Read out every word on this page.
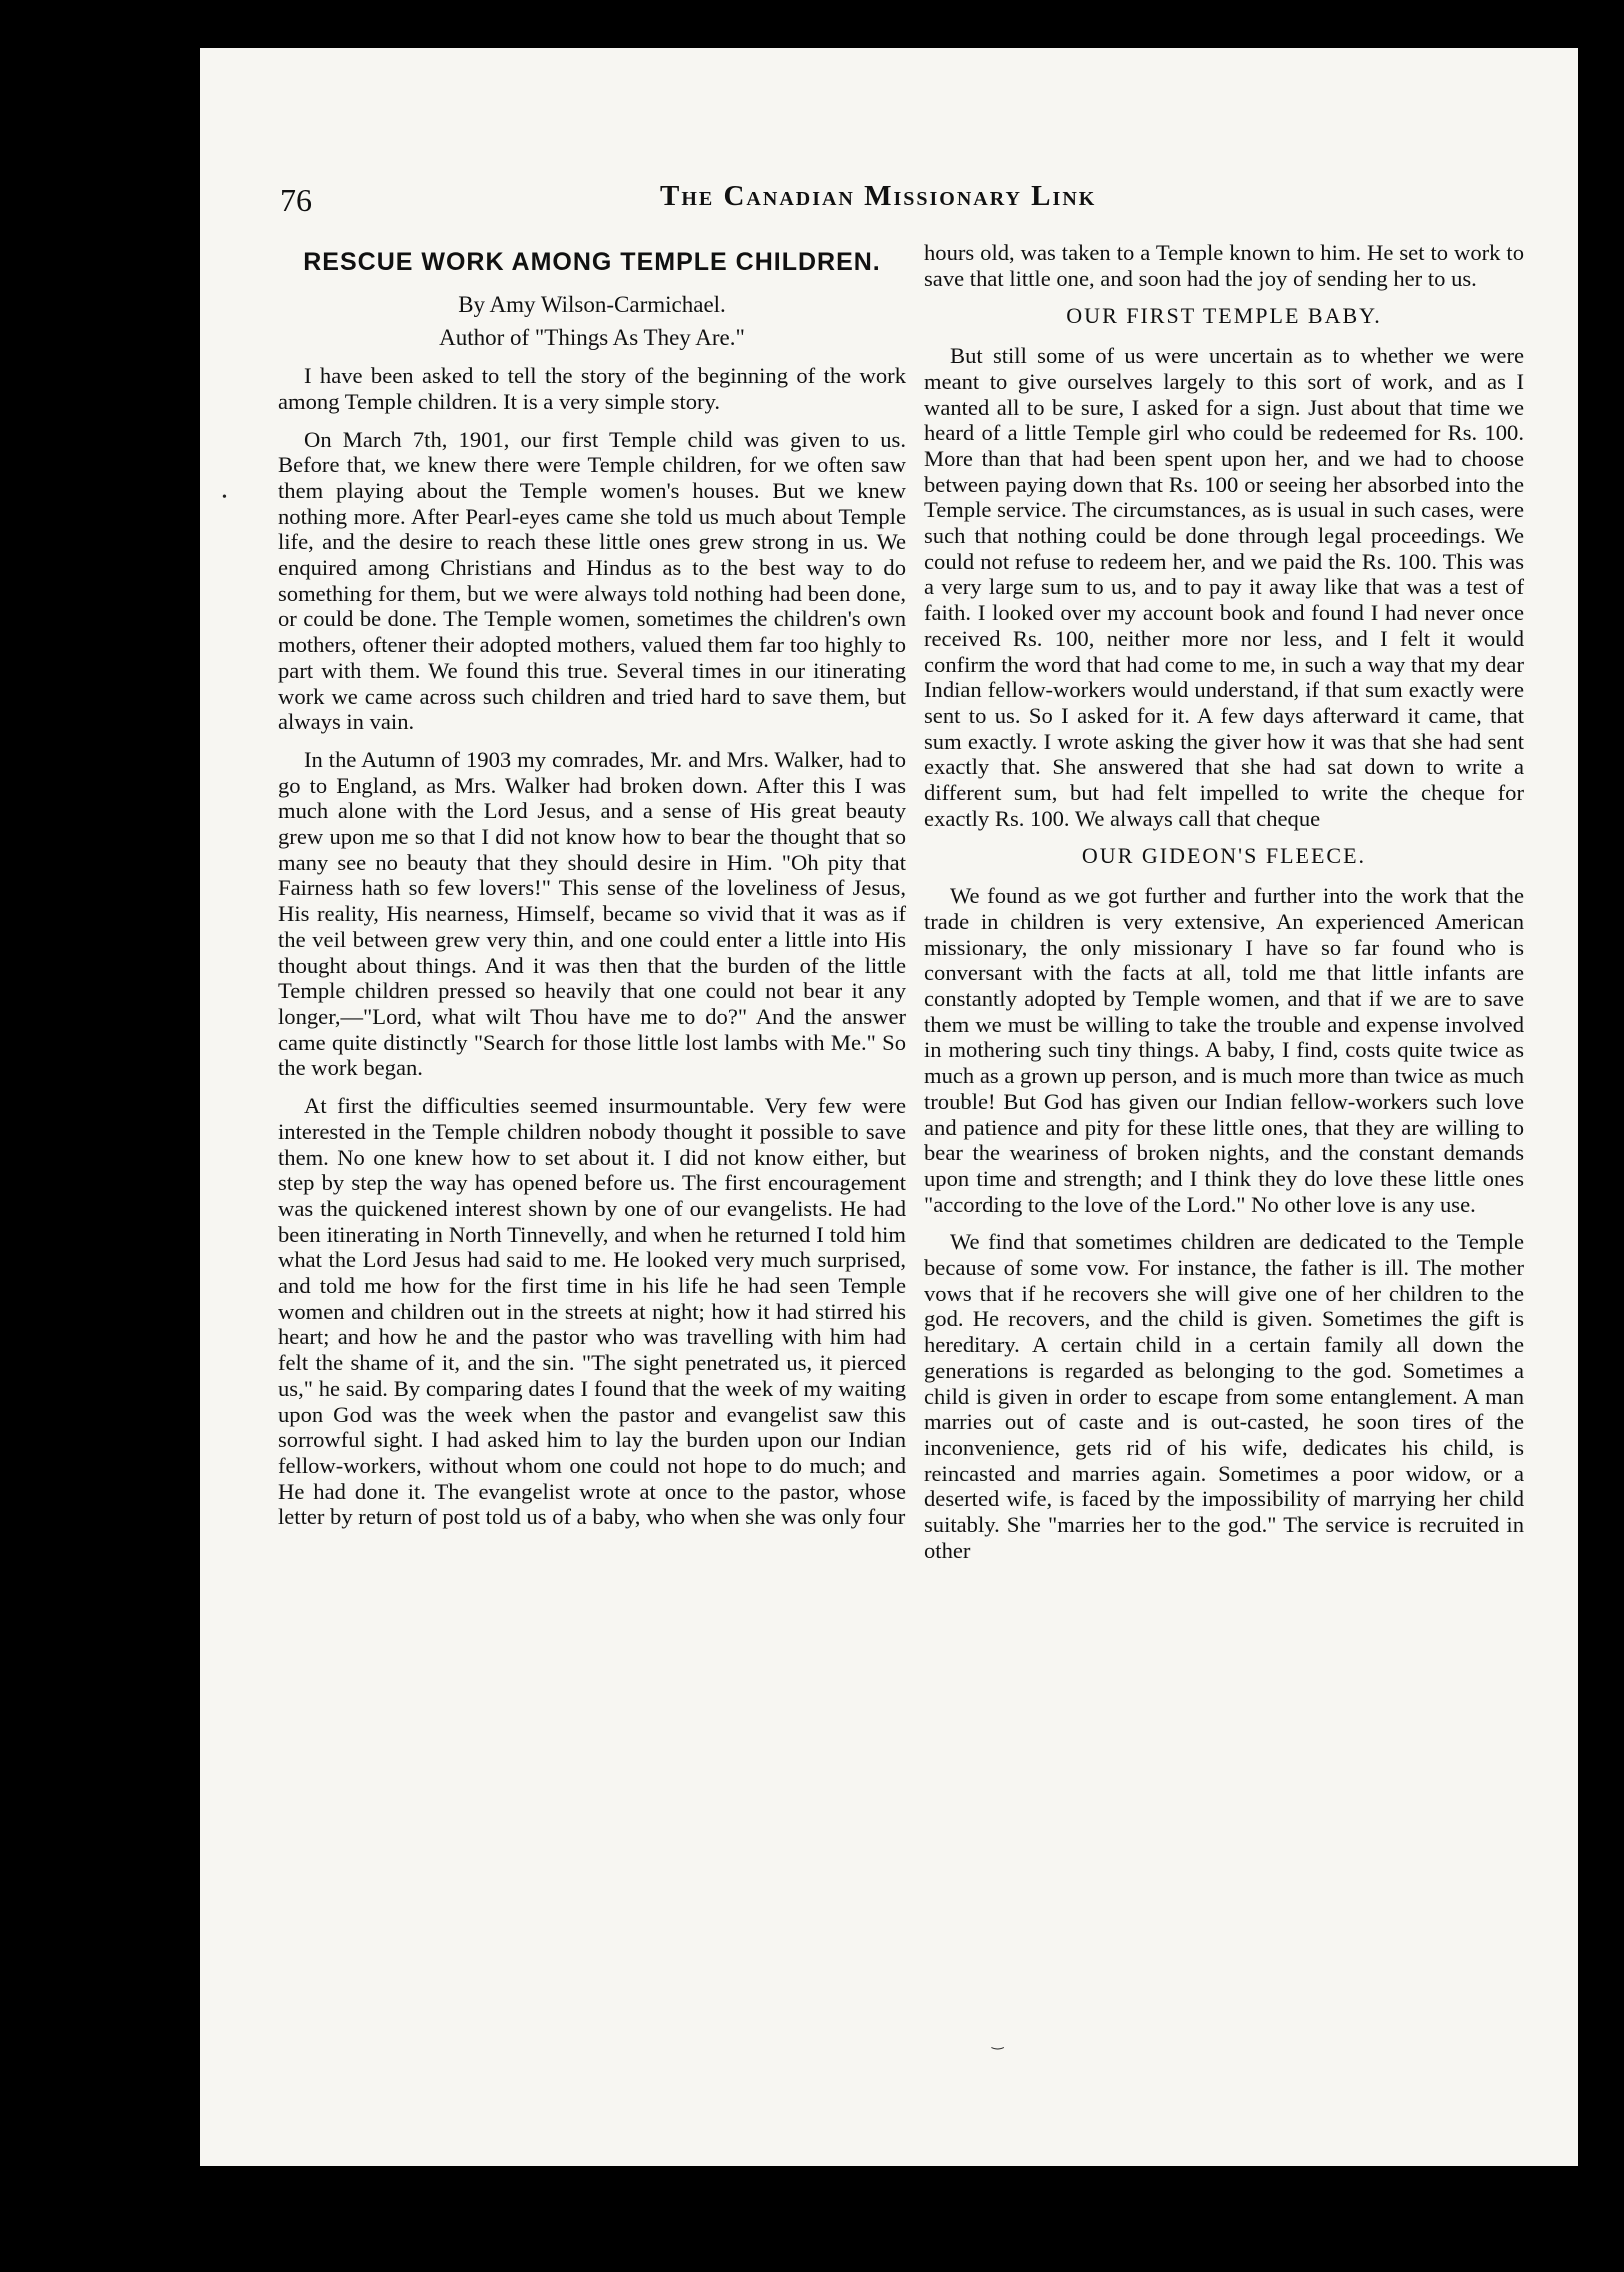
•
‿
76	The Canadian Missionary Link
RESCUE WORK AMONG TEMPLE CHILDREN.
By Amy Wilson-Carmichael.
Author of "Things As They Are."

I have been asked to tell the story of the beginning of the work among Temple children. It is a very simple story.

On March 7th, 1901, our first Temple child was given to us. Before that, we knew there were Temple children, for we often saw them playing about the Temple women's houses. But we knew nothing more. After Pearl-eyes came she told us much about Temple life, and the desire to reach these little ones grew strong in us. We enquired among Christians and Hindus as to the best way to do something for them, but we were always told nothing had been done, or could be done. The Temple women, sometimes the children's own mothers, oftener their adopted mothers, valued them far too highly to part with them. We found this true. Several times in our itinerating work we came across such children and tried hard to save them, but always in vain.

In the Autumn of 1903 my comrades, Mr. and Mrs. Walker, had to go to England, as Mrs. Walker had broken down. After this I was much alone with the Lord Jesus, and a sense of His great beauty grew upon me so that I did not know how to bear the thought that so many see no beauty that they should desire in Him. "Oh pity that Fairness hath so few lovers!" This sense of the loveliness of Jesus, His reality, His nearness, Himself, became so vivid that it was as if the veil between grew very thin, and one could enter a little into His thought about things. And it was then that the burden of the little Temple children pressed so heavily that one could not bear it any longer,—"Lord, what wilt Thou have me to do?" And the answer came quite distinctly "Search for those little lost lambs with Me." So the work began.

At first the difficulties seemed insurmountable. Very few were interested in the Temple children nobody thought it possible to save them. No one knew how to set about it. I did not know either, but step by step the way has opened before us. The first encouragement was the quickened interest shown by one of our evangelists. He had been itinerating in North Tinnevelly, and when he returned I told him what the Lord Jesus had said to me. He looked very much surprised, and told me how for the first time in his life he had seen Temple women and children out in the streets at night; how it had stirred his heart; and how he and the pastor who was travelling with him had felt the shame of it, and the sin. "The sight penetrated us, it pierced us," he said. By comparing dates I found that the week of my waiting upon God was the week when the pastor and evangelist saw this sorrowful sight. I had asked him to lay the burden upon our Indian fellow-workers, without whom one could not hope to do much; and He had done it. The evangelist wrote at once to the pastor, whose letter by return of post told us of a baby, who when she was only four

hours old, was taken to a Temple known to him. He set to work to save that little one, and soon had the joy of sending her to us.

OUR FIRST TEMPLE BABY.

But still some of us were uncertain as to whether we were meant to give ourselves largely to this sort of work, and as I wanted all to be sure, I asked for a sign. Just about that time we heard of a little Temple girl who could be redeemed for Rs. 100. More than that had been spent upon her, and we had to choose between paying down that Rs. 100 or seeing her absorbed into the Temple service. The circumstances, as is usual in such cases, were such that nothing could be done through legal proceedings. We could not refuse to redeem her, and we paid the Rs. 100. This was a very large sum to us, and to pay it away like that was a test of faith. I looked over my account book and found I had never once received Rs. 100, neither more nor less, and I felt it would confirm the word that had come to me, in such a way that my dear Indian fellow-workers would understand, if that sum exactly were sent to us. So I asked for it. A few days afterward it came, that sum exactly. I wrote asking the giver how it was that she had sent exactly that. She answered that she had sat down to write a different sum, but had felt impelled to write the cheque for exactly Rs. 100. We always call that cheque

OUR GIDEON'S FLEECE.

We found as we got further and further into the work that the trade in children is very extensive, An experienced American missionary, the only missionary I have so far found who is conversant with the facts at all, told me that little infants are constantly adopted by Temple women, and that if we are to save them we must be willing to take the trouble and expense involved in mothering such tiny things. A baby, I find, costs quite twice as much as a grown up person, and is much more than twice as much trouble! But God has given our Indian fellow-workers such love and patience and pity for these little ones, that they are willing to bear the weariness of broken nights, and the constant demands upon time and strength; and I think they do love these little ones "according to the love of the Lord." No other love is any use.

We find that sometimes children are dedicated to the Temple because of some vow. For instance, the father is ill. The mother vows that if he recovers she will give one of her children to the god. He recovers, and the child is given. Sometimes the gift is hereditary. A certain child in a certain family all down the generations is regarded as belonging to the god. Sometimes a child is given in order to escape from some entanglement. A man marries out of caste and is out-casted, he soon tires of the inconvenience, gets rid of his wife, dedicates his child, is reincasted and marries again. Sometimes a poor widow, or a deserted wife, is faced by the impossibility of marrying her child suitably. She "marries her to the god." The service is recruited in other
